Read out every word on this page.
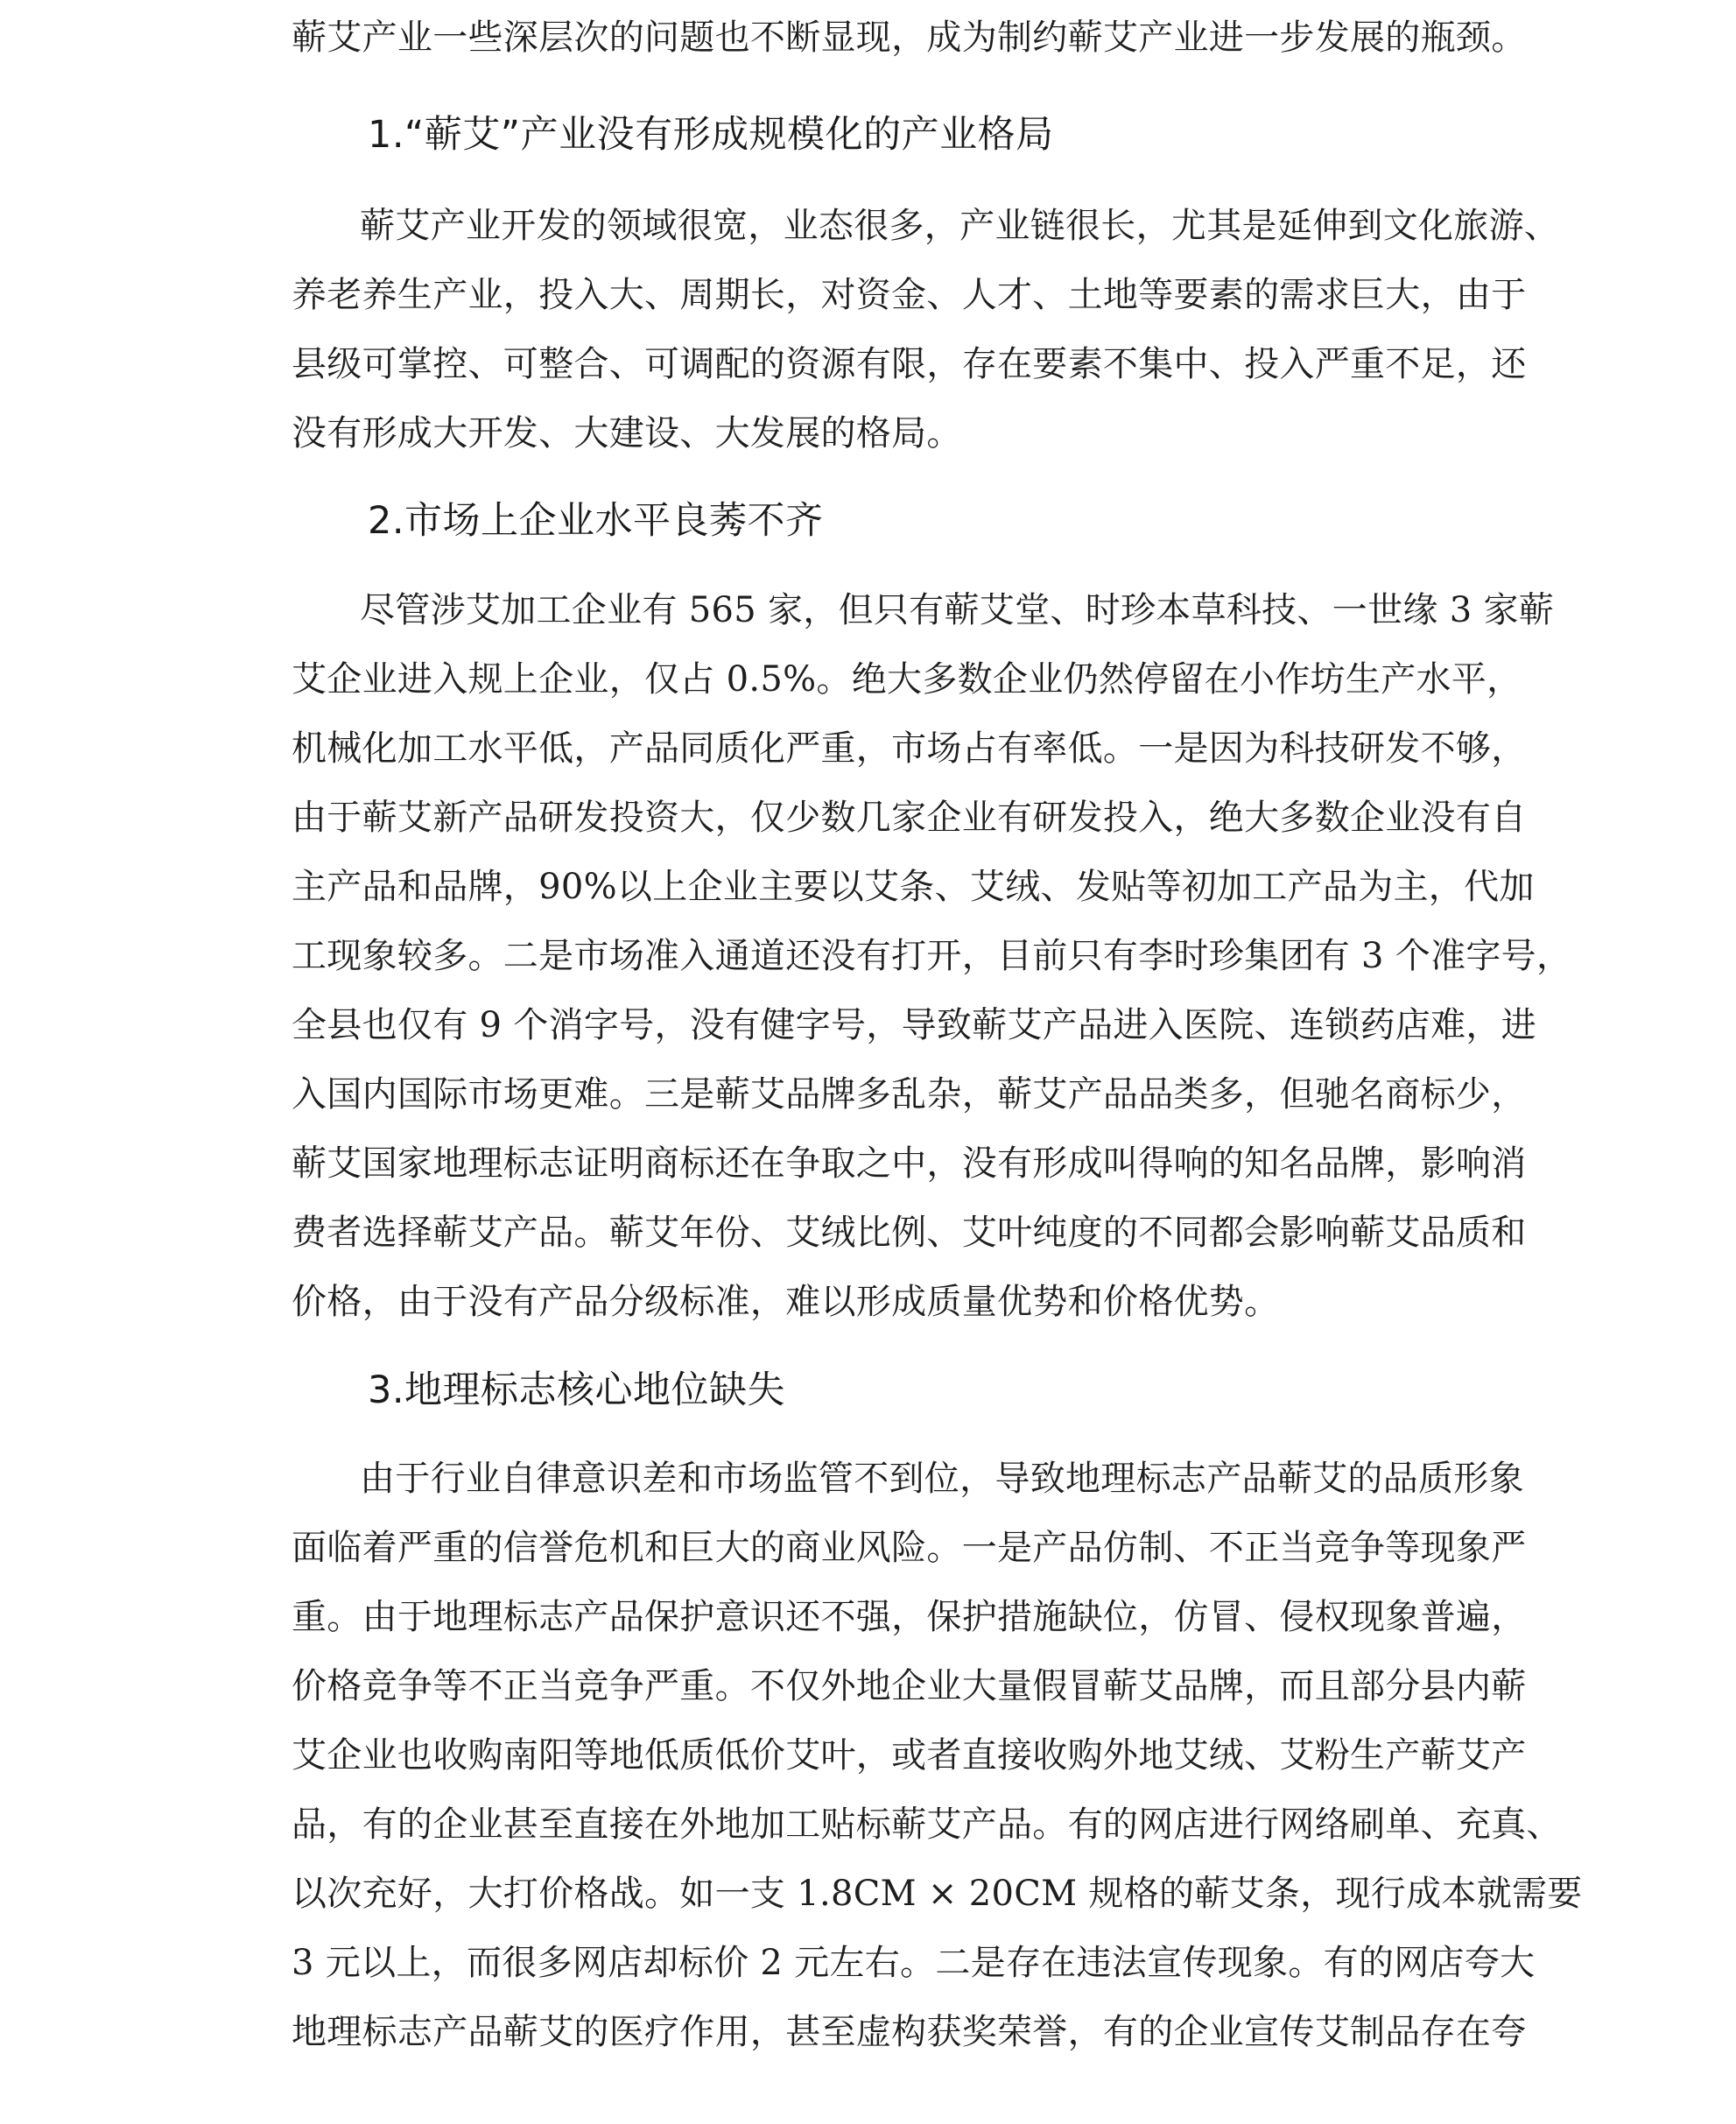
蕲艾产业一些深层次的问题也不断显现，成为制约蕲艾产业进一步发展的瓶颈。
1.“蕲艾”产业没有形成规模化的产业格局
蕲艾产业开发的领域很宽，业态很多，产业链很长，尤其是延伸到文化旅游、
养老养生产业，投入大、周期长，对资金、人才、土地等要素的需求巨大，由于
县级可掌控、可整合、可调配的资源有限，存在要素不集中、投入严重不足，还
没有形成大开发、大建设、大发展的格局。
2.市场上企业水平良莠不齐
尽管涉艾加工企业有 565 家，但只有蕲艾堂、时珍本草科技、一世缘 3 家蕲
艾企业进入规上企业，仅占 0.5%。绝大多数企业仍然停留在小作坊生产水平，
机械化加工水平低，产品同质化严重，市场占有率低。一是因为科技研发不够，
由于蕲艾新产品研发投资大，仅少数几家企业有研发投入，绝大多数企业没有自
主产品和品牌，90%以上企业主要以艾条、艾绒、发贴等初加工产品为主，代加
工现象较多。二是市场准入通道还没有打开，目前只有李时珍集团有 3 个准字号，
全县也仅有 9 个消字号，没有健字号，导致蕲艾产品进入医院、连锁药店难，进
入国内国际市场更难。三是蕲艾品牌多乱杂，蕲艾产品品类多，但驰名商标少，
蕲艾国家地理标志证明商标还在争取之中，没有形成叫得响的知名品牌，影响消
费者选择蕲艾产品。蕲艾年份、艾绒比例、艾叶纯度的不同都会影响蕲艾品质和
价格，由于没有产品分级标准，难以形成质量优势和价格优势。
3.地理标志核心地位缺失
由于行业自律意识差和市场监管不到位，导致地理标志产品蕲艾的品质形象
面临着严重的信誉危机和巨大的商业风险。一是产品仿制、不正当竞争等现象严
重。由于地理标志产品保护意识还不强，保护措施缺位，仿冒、侵权现象普遍，
价格竞争等不正当竞争严重。不仅外地企业大量假冒蕲艾品牌，而且部分县内蕲
艾企业也收购南阳等地低质低价艾叶，或者直接收购外地艾绒、艾粉生产蕲艾产
品，有的企业甚至直接在外地加工贴标蕲艾产品。有的网店进行网络刷单、充真、
以次充好，大打价格战。如一支 1.8CM × 20CM 规格的蕲艾条，现行成本就需要
3 元以上，而很多网店却标价 2 元左右。二是存在违法宣传现象。有的网店夸大
地理标志产品蕲艾的医疗作用，甚至虚构获奖荣誉，有的企业宣传艾制品存在夸
